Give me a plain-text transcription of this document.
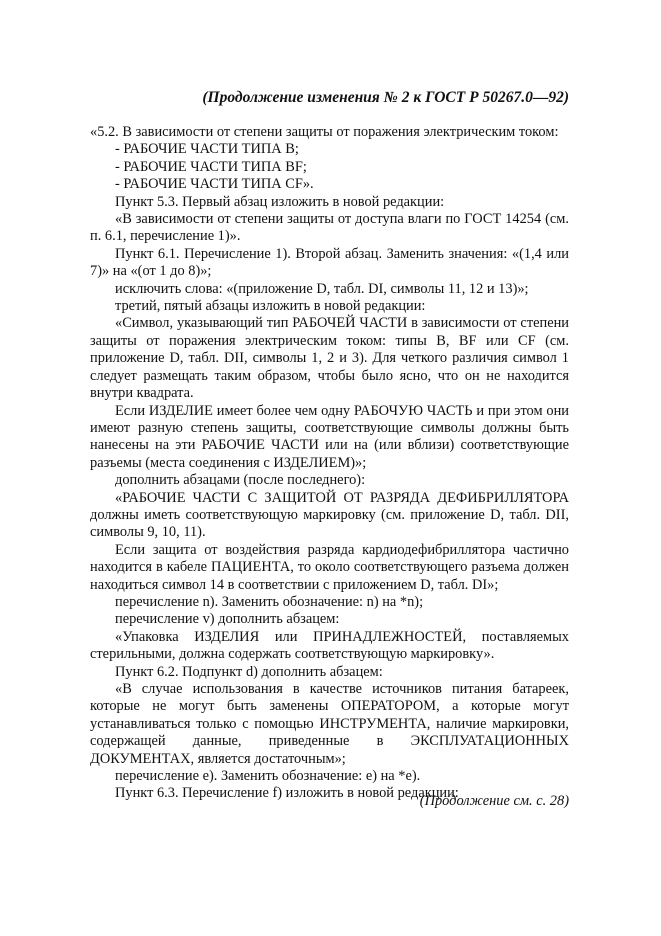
(Продолжение изменения № 2 к ГОСТ Р 50267.0—92)

«5.2. В зависимости от степени защиты от поражения электрическим током:

- РАБОЧИЕ ЧАСТИ ТИПА В;

- РАБОЧИЕ ЧАСТИ ТИПА BF;

- РАБОЧИЕ ЧАСТИ ТИПА CF».

Пункт 5.3. Первый абзац изложить в новой редакции:

«В зависимости от степени защиты от доступа влаги по ГОСТ 14254 (см. п. 6.1, перечисление 1)».

Пункт 6.1. Перечисление 1). Второй абзац. Заменить значения: «(1,4 или 7)» на «(от 1 до 8)»;

исключить слова: «(приложение D, табл. DI, символы 11, 12 и 13)»;

третий, пятый абзацы изложить в новой редакции:

«Символ, указывающий тип РАБОЧЕЙ ЧАСТИ в зависимости от степени защиты от поражения электрическим током: типы В, BF или CF (см. приложение D, табл. DII, символы 1, 2 и 3). Для четкого различия символ 1 следует размещать таким образом, чтобы было ясно, что он не находится внутри квадрата.

Если ИЗДЕЛИЕ имеет более чем одну РАБОЧУЮ ЧАСТЬ и при этом они имеют разную степень защиты, соответствующие символы должны быть нанесены на эти РАБОЧИЕ ЧАСТИ или на (или вблизи) соответствующие разъемы (места соединения с ИЗДЕЛИЕМ)»;

дополнить абзацами (после последнего):

«РАБОЧИЕ ЧАСТИ С ЗАЩИТОЙ ОТ РАЗРЯДА ДЕФИБРИЛЛЯТОРА должны иметь соответствующую маркировку (см. приложение D, табл. DII, символы 9, 10, 11).

Если защита от воздействия разряда кардиодефибриллятора частично находится в кабеле ПАЦИЕНТА, то около соответствующего разъема должен находиться символ 14 в соответствии с приложением D, табл. DI»;

перечисление n). Заменить обозначение: n) на *n);

перечисление v) дополнить абзацем:

«Упаковка ИЗДЕЛИЯ или ПРИНАДЛЕЖНОСТЕЙ, поставляемых стерильными, должна содержать соответствующую маркировку».

Пункт 6.2. Подпункт d) дополнить абзацем:

«В случае использования в качестве источников питания батареек, которые не могут быть заменены ОПЕРАТОРОМ, а которые могут устанавливаться только с помощью ИНСТРУМЕНТА, наличие маркировки, содержащей данные, приведенные в ЭКСПЛУАТАЦИОННЫХ ДОКУМЕНТАХ, является достаточным»;

перечисление е). Заменить обозначение: е) на *е).

Пункт 6.3. Перечисление f) изложить в новой редакции:

(Продолжение см. с. 28)
